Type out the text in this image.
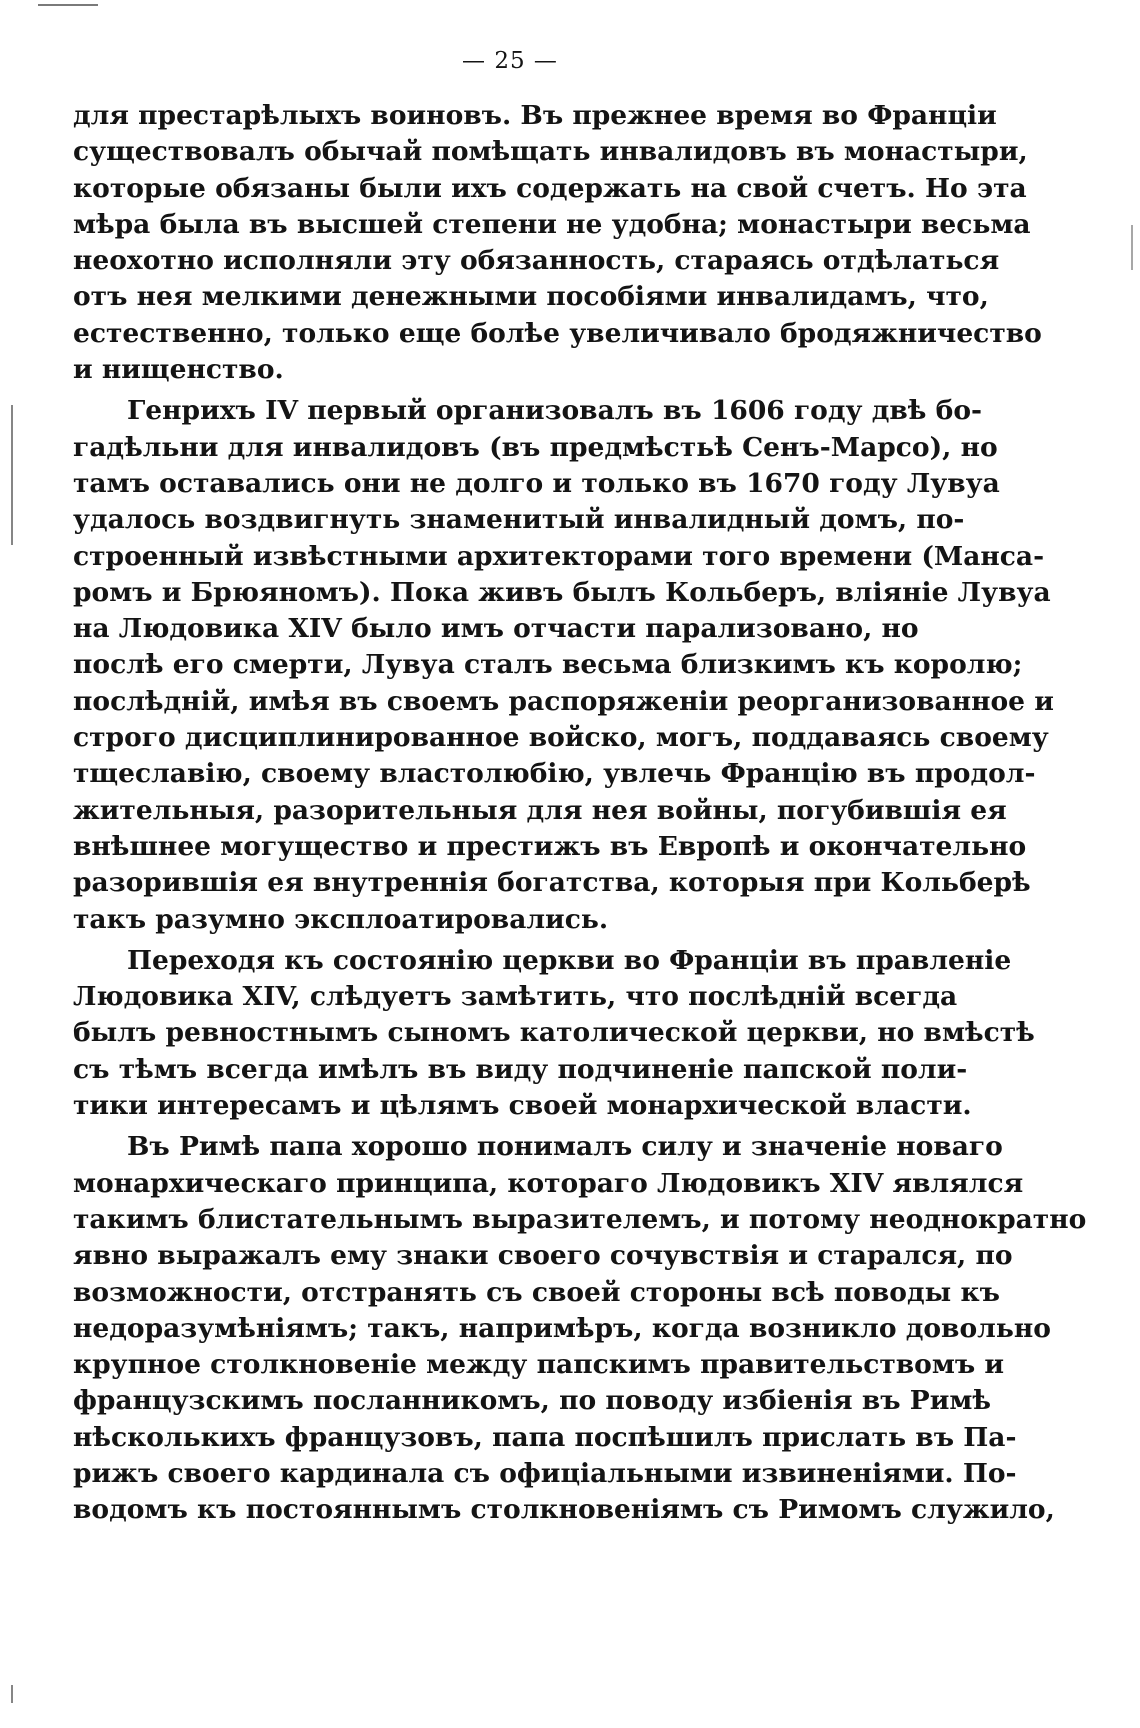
— 25 —
для престарѣлыхъ воиновъ. Въ прежнее время во Франціи
существовалъ обычай помѣщать инвалидовъ въ монастыри,
которые обязаны были ихъ содержать на свой счетъ. Но эта
мѣра была въ высшей степени не удобна; монастыри весьма
неохотно исполняли эту обязанность, стараясь отдѣлаться
отъ нея мелкими денежными пособіями инвалидамъ, что,
естественно, только еще болѣе увеличивало бродяжничество
и нищенство.
Генрихъ IV первый организовалъ въ 1606 году двѣ бо-
гадѣльни для инвалидовъ (въ предмѣстьѣ Сенъ-Марсо), но
тамъ оставались они не долго и только въ 1670 году Лувуа
удалось воздвигнуть знаменитый инвалидный домъ, по-
строенный извѣстными архитекторами того времени (Манса-
ромъ и Брюяномъ). Пока живъ былъ Кольберъ, вліяніе Лувуа
на Людовика XIV было имъ отчасти парализовано, но
послѣ его смерти, Лувуа сталъ весьма близкимъ къ королю;
послѣдній, имѣя въ своемъ распоряженіи реорганизованное и
строго дисциплинированное войско, могъ, поддаваясь своему
тщеславію, своему властолюбію, увлечь Францію въ продол-
жительныя, разорительныя для нея войны, погубившія ея
внѣшнее могущество и престижъ въ Европѣ и окончательно
разорившія ея внутреннія богатства, которыя при Кольберѣ
такъ разумно эксплоатировались.
Переходя къ состоянію церкви во Франціи въ правленіе
Людовика XIV, слѣдуетъ замѣтить, что послѣдній всегда
былъ ревностнымъ сыномъ католической церкви, но вмѣстѣ
съ тѣмъ всегда имѣлъ въ виду подчиненіе папской поли-
тики интересамъ и цѣлямъ своей монархической власти.
Въ Римѣ папа хорошо понималъ силу и значеніе новаго
монархическаго принципа, котораго Людовикъ XIV являлся
такимъ блистательнымъ выразителемъ, и потому неоднократно
явно выражалъ ему знаки своего сочувствія и старался, по
возможности, отстранять съ своей стороны всѣ поводы къ
недоразумѣніямъ; такъ, напримѣръ, когда возникло довольно
крупное столкновеніе между папскимъ правительствомъ и
французскимъ посланникомъ, по поводу избіенія въ Римѣ
нѣсколькихъ французовъ, папа поспѣшилъ прислать въ Па-
рижъ своего кардинала съ офиціальными извиненіями. По-
водомъ къ постояннымъ столкновеніямъ съ Римомъ служило,
